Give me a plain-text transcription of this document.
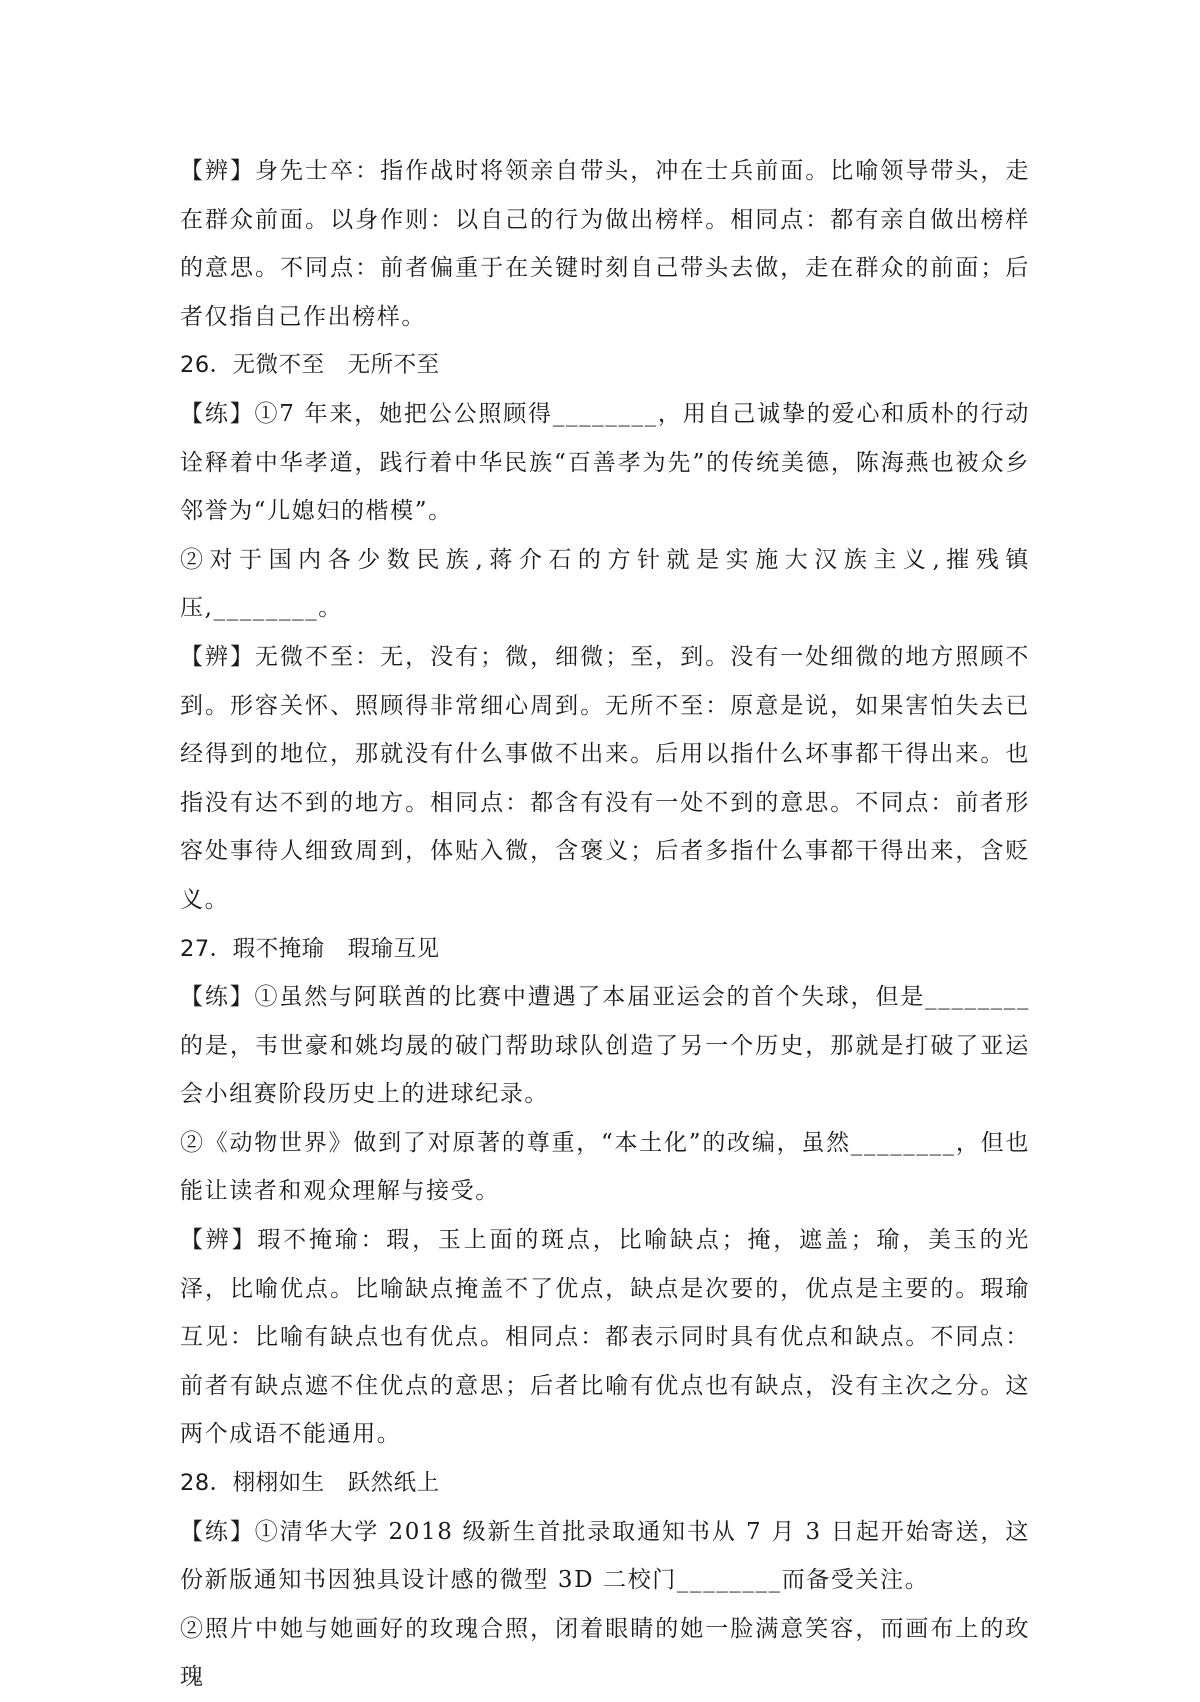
【辨】身先士卒：指作战时将领亲自带头，冲在士兵前面。比喻领导带头，走在群众前面。以身作则：以自己的行为做出榜样。相同点：都有亲自做出榜样的意思。不同点：前者偏重于在关键时刻自己带头去做，走在群众的前面；后者仅指自己作出榜样。

26．无微不至　无所不至

【练】①7 年来，她把公公照顾得________，用自己诚挚的爱心和质朴的行动诠释着中华孝道，践行着中华民族“百善孝为先”的传统美德，陈海燕也被众乡邻誉为“儿媳妇的楷模”。

②对于国内各少数民族,蒋介石的方针就是实施大汉族主义,摧残镇压,________。

【辨】无微不至：无，没有；微，细微；至，到。没有一处细微的地方照顾不到。形容关怀、照顾得非常细心周到。无所不至：原意是说，如果害怕失去已经得到的地位，那就没有什么事做不出来。后用以指什么坏事都干得出来。也指没有达不到的地方。相同点：都含有没有一处不到的意思。不同点：前者形容处事待人细致周到，体贴入微，含褒义；后者多指什么事都干得出来，含贬义。

27．瑕不掩瑜　瑕瑜互见

【练】①虽然与阿联酋的比赛中遭遇了本届亚运会的首个失球，但是________的是，韦世豪和姚均晟的破门帮助球队创造了另一个历史，那就是打破了亚运会小组赛阶段历史上的进球纪录。

②《动物世界》做到了对原著的尊重，“本土化”的改编，虽然________，但也能让读者和观众理解与接受。

【辨】瑕不掩瑜：瑕，玉上面的斑点，比喻缺点；掩，遮盖；瑜，美玉的光泽，比喻优点。比喻缺点掩盖不了优点，缺点是次要的，优点是主要的。瑕瑜互见：比喻有缺点也有优点。相同点：都表示同时具有优点和缺点。不同点：前者有缺点遮不住优点的意思；后者比喻有优点也有缺点，没有主次之分。这两个成语不能通用。

28．栩栩如生　跃然纸上

【练】①清华大学 2018 级新生首批录取通知书从 7 月 3 日起开始寄送，这份新版通知书因独具设计感的微型 3D 二校门________而备受关注。

②照片中她与她画好的玫瑰合照，闭着眼睛的她一脸满意笑容，而画布上的玫瑰
